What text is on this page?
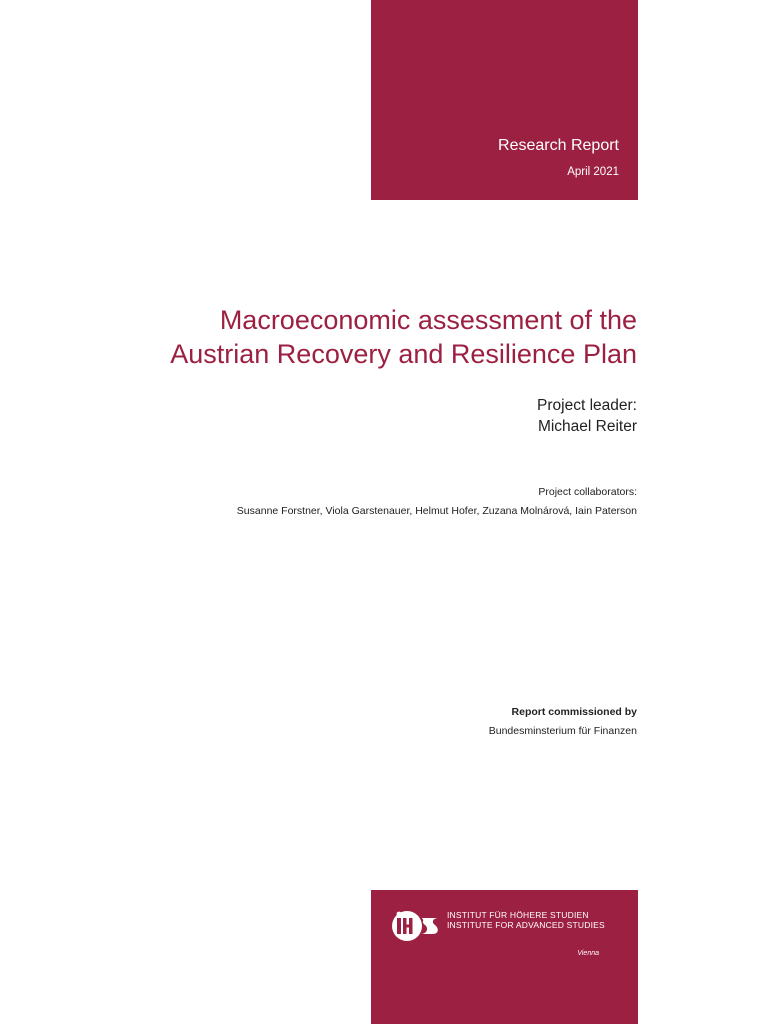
Research Report
April 2021
Macroeconomic assessment of the
Austrian Recovery and Resilience Plan
Project leader:
Michael Reiter
Project collaborators:
Susanne Forstner, Viola Garstenauer, Helmut Hofer, Zuzana Molnárová, Iain Paterson
Report commissioned by
Bundesminsterium für Finanzen
INSTITUT FÜR HÖHERE STUDIEN
INSTITUTE FOR ADVANCED STUDIES
Vienna
